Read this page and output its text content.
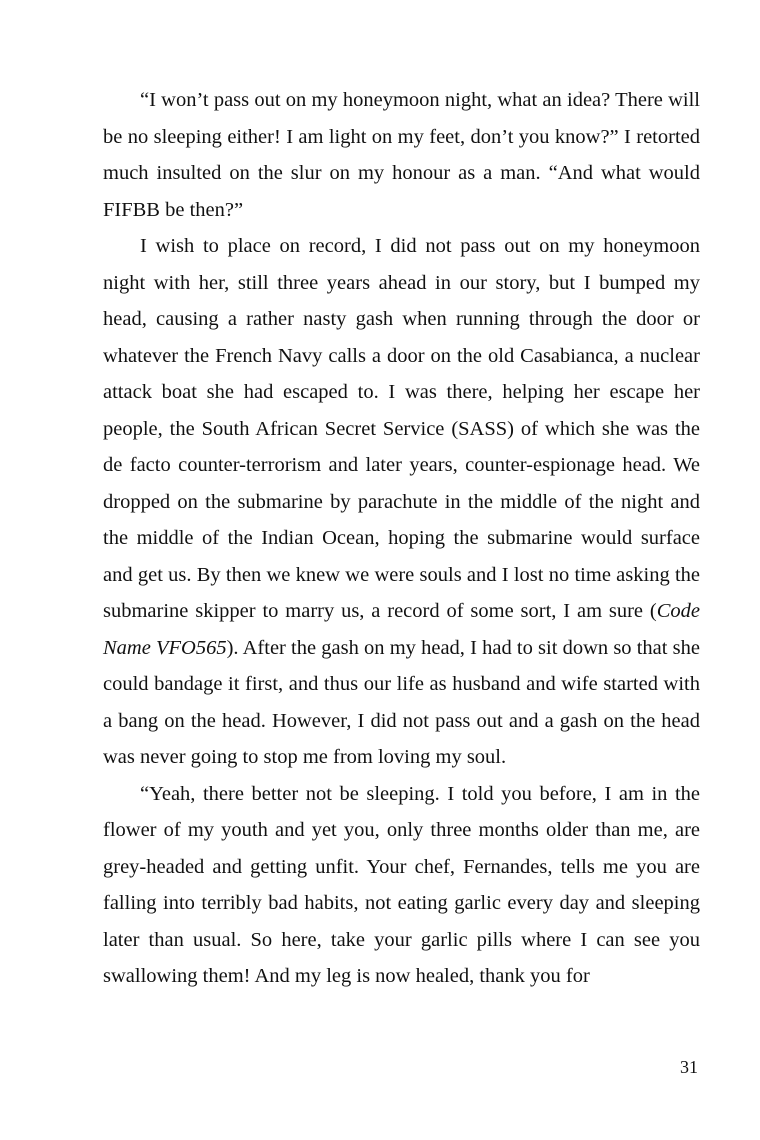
“I won’t pass out on my honeymoon night, what an idea? There will be no sleeping either! I am light on my feet, don’t you know?” I retorted much insulted on the slur on my honour as a man. “And what would FIFBB be then?”

I wish to place on record, I did not pass out on my honeymoon night with her, still three years ahead in our story, but I bumped my head, causing a rather nasty gash when running through the door or whatever the French Navy calls a door on the old Casabianca, a nuclear attack boat she had escaped to. I was there, helping her escape her people, the South African Secret Service (SASS) of which she was the de facto counter-terrorism and later years, counter-espionage head. We dropped on the submarine by parachute in the middle of the night and the middle of the Indian Ocean, hoping the submarine would surface and get us. By then we knew we were souls and I lost no time asking the submarine skipper to marry us, a record of some sort, I am sure (Code Name VFO565). After the gash on my head, I had to sit down so that she could bandage it first, and thus our life as husband and wife started with a bang on the head. However, I did not pass out and a gash on the head was never going to stop me from loving my soul.

“Yeah, there better not be sleeping. I told you before, I am in the flower of my youth and yet you, only three months older than me, are grey-headed and getting unfit. Your chef, Fernandes, tells me you are falling into terribly bad habits, not eating garlic every day and sleeping later than usual. So here, take your garlic pills where I can see you swallowing them! And my leg is now healed, thank you for

31
